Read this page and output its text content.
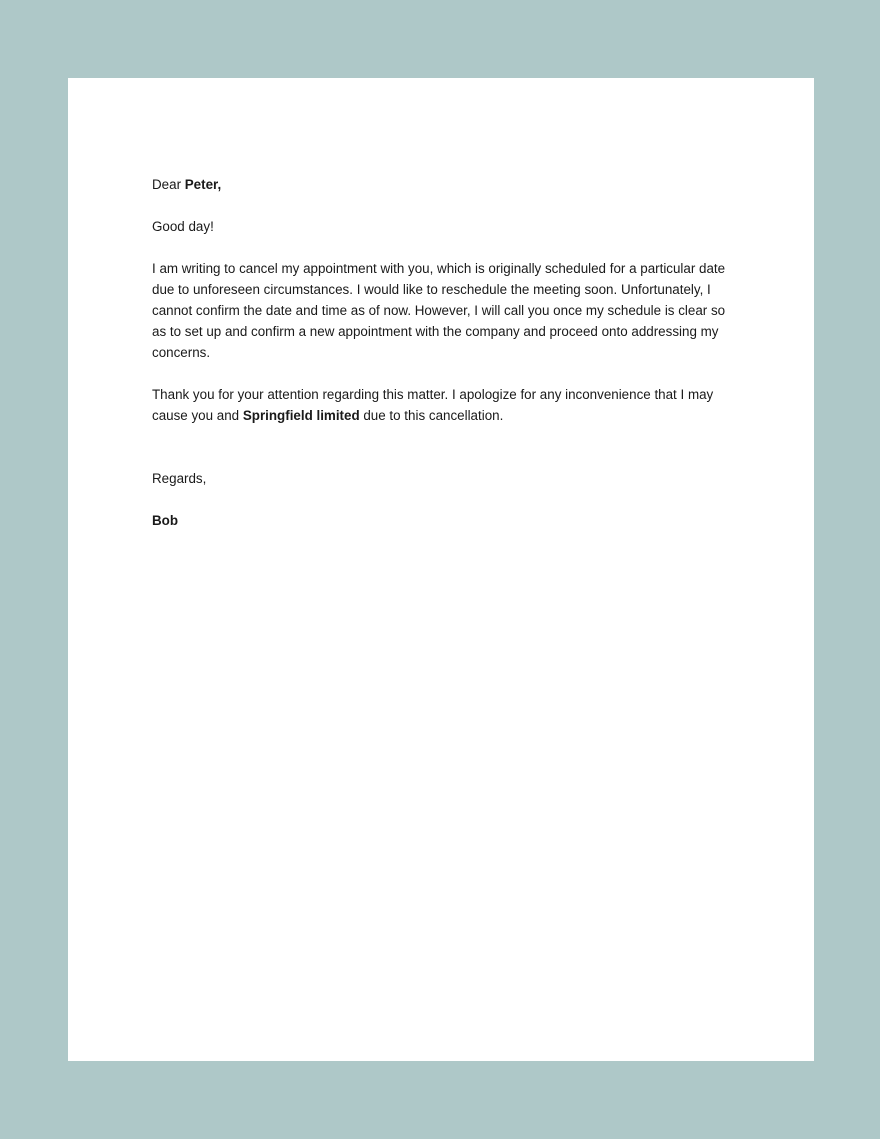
Dear Peter,

Good day!

I am writing to cancel my appointment with you, which is originally scheduled for a particular date due to unforeseen circumstances. I would like to reschedule the meeting soon. Unfortunately, I cannot confirm the date and time as of now. However, I will call you once my schedule is clear so as to set up and confirm a new appointment with the company and proceed onto addressing my concerns.

Thank you for your attention regarding this matter. I apologize for any inconvenience that I may cause you and Springfield limited due to this cancellation.

Regards,

Bob
